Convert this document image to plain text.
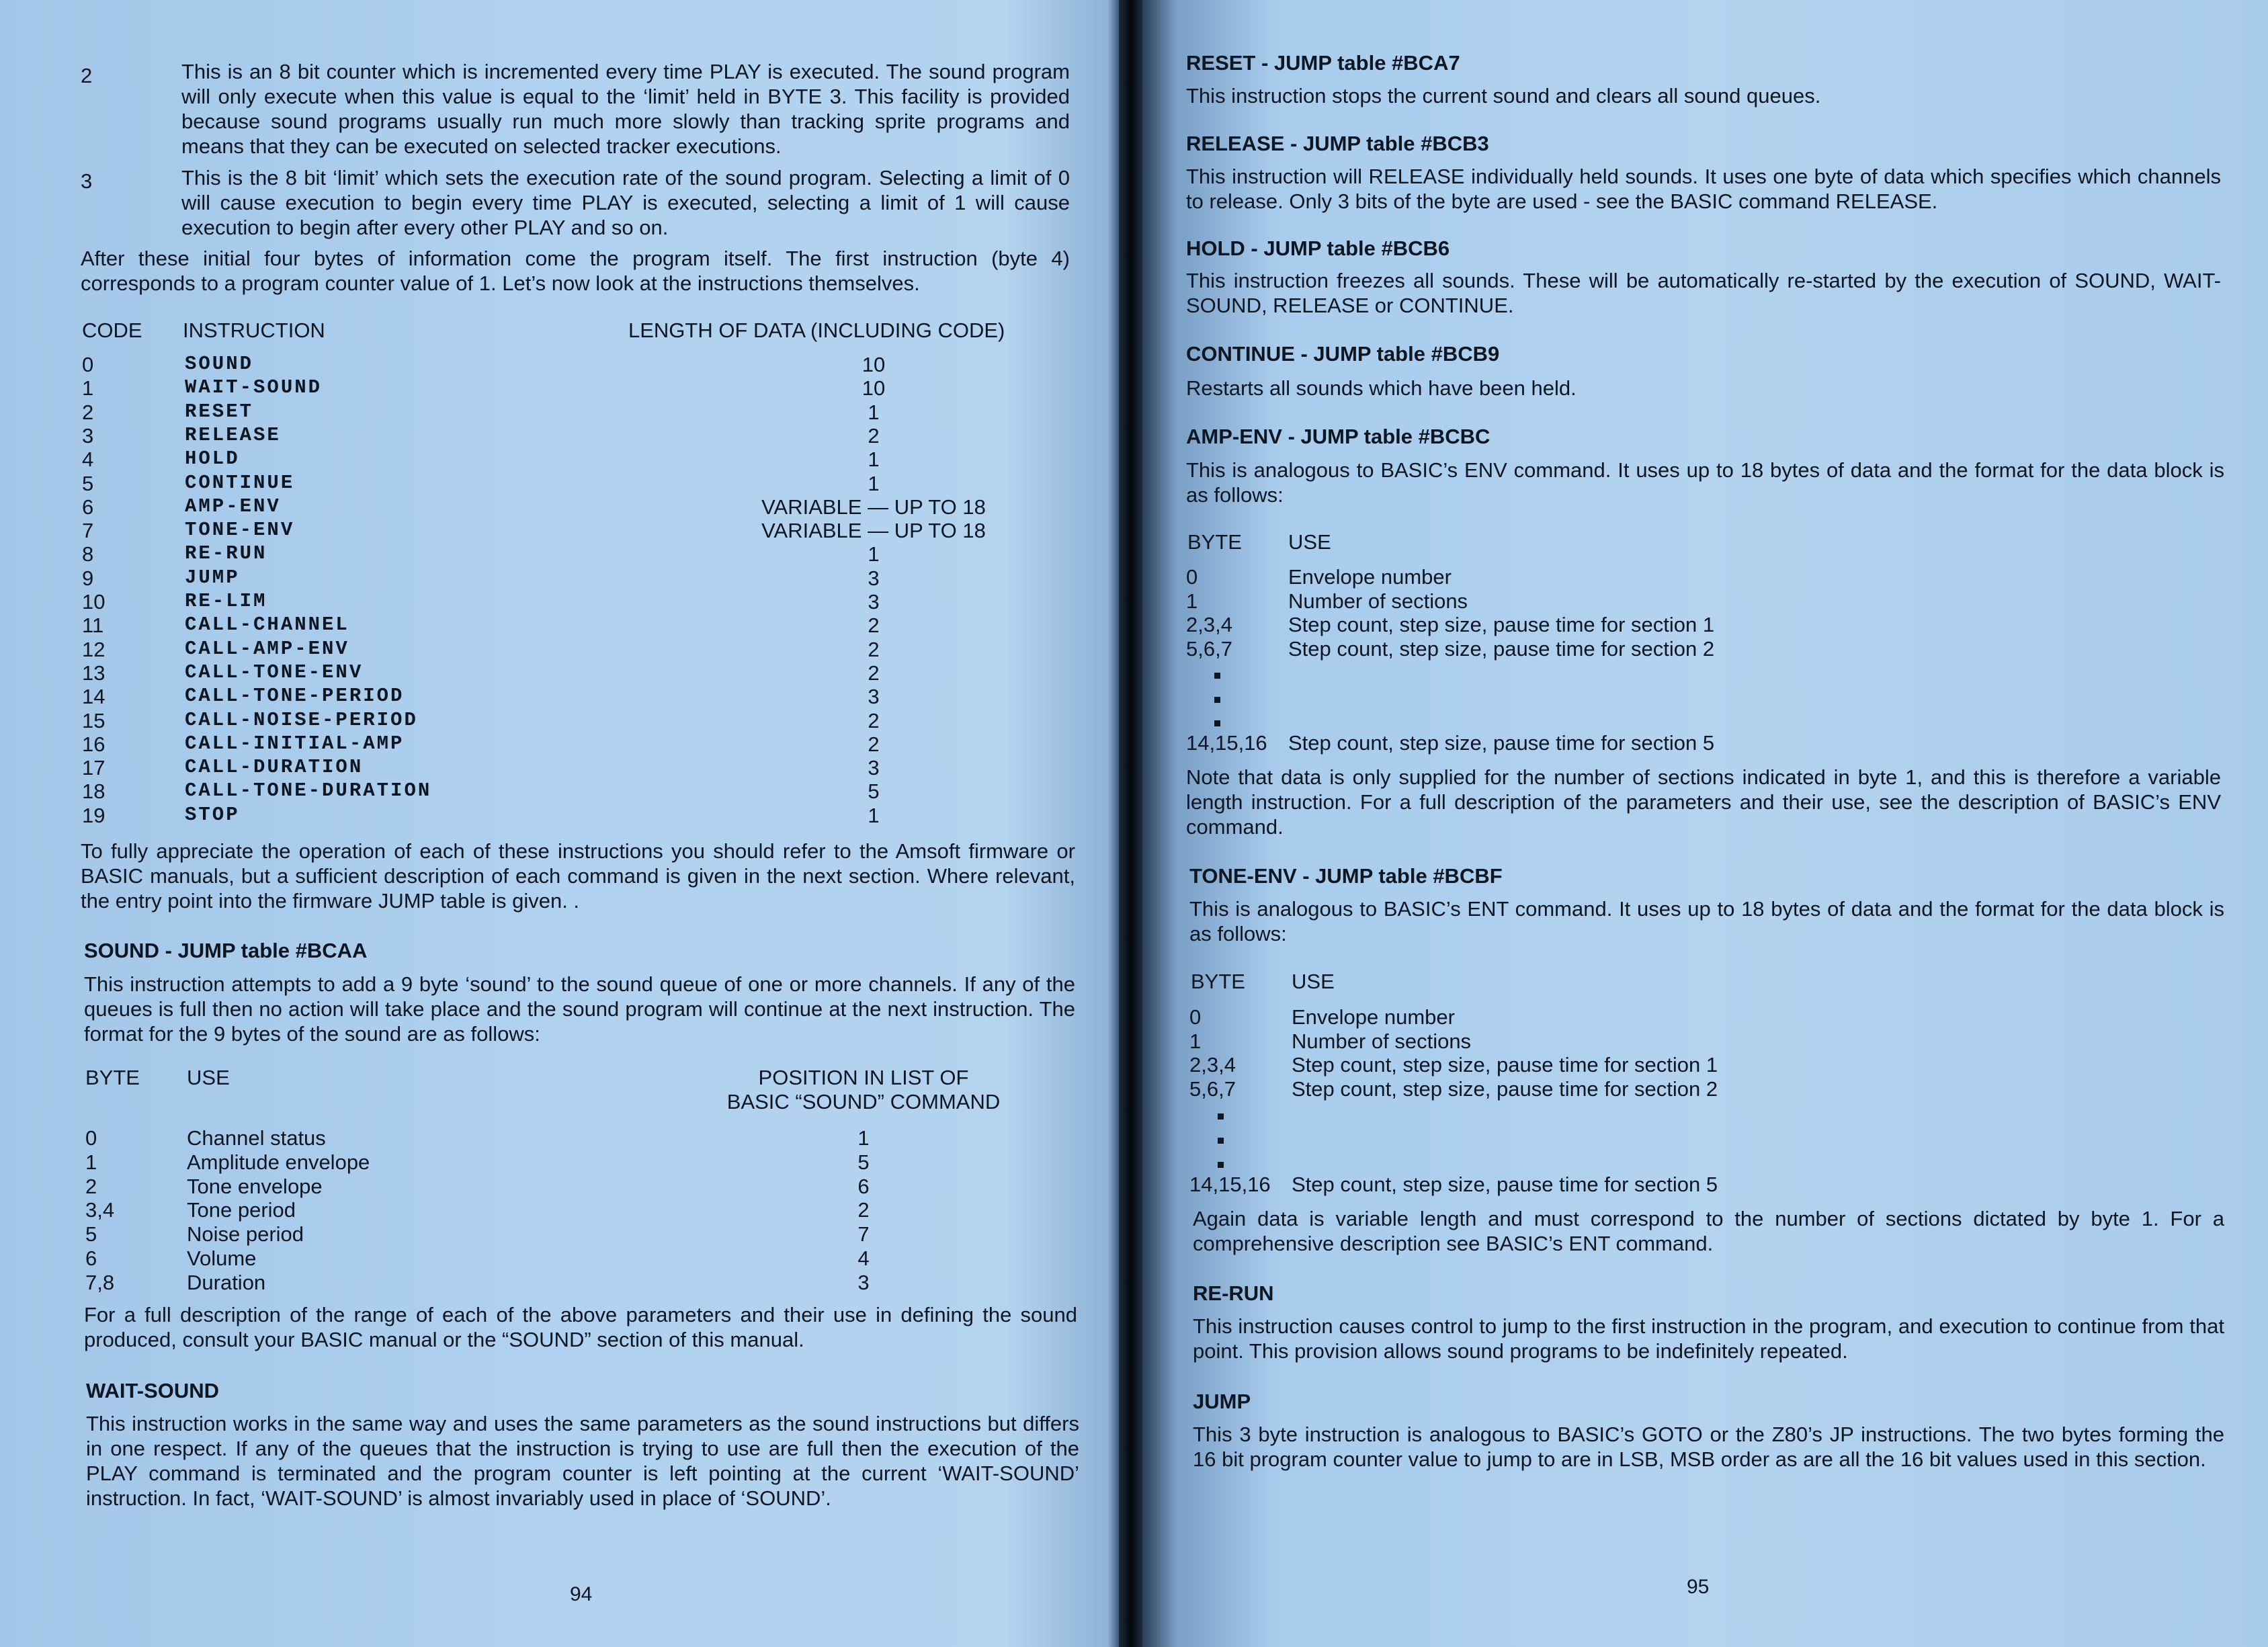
2	This is an 8 bit counter which is incremented every time PLAY is executed. The sound program will only execute when this value is equal to the ‘limit’ held in BYTE 3. This facility is provided because sound programs usually run much more slowly than tracking sprite programs and means that they can be executed on selected tracker executions.
3	This is the 8 bit ‘limit’ which sets the execution rate of the sound program. Selecting a limit of 0 will cause execution to begin every time PLAY is executed, selecting a limit of 1 will cause execution to begin after every other PLAY and so on.
After these initial four bytes of information come the program itself. The first instruction (byte 4) corresponds to a program counter value of 1. Let’s now look at the instructions themselves.
CODE INSTRUCTION	LENGTH OF DATA (INCLUDING CODE)
0	SOUND	10
1	WAIT-SOUND	10
2	RESET	1
3	RELEASE	2
4	HOLD	1
5	CONTINUE	1
6	AMP-ENV	VARIABLE — UP TO 18
7	TONE-ENV	VARIABLE — UP TO 18
8	RE-RUN	1
9	JUMP	3
10	RE-LIM	3
11	CALL-CHANNEL	2
12	CALL-AMP-ENV	2
13	CALL-TONE-ENV	2
14	CALL-TONE-PERIOD	3
15	CALL-NOISE-PERIOD	2
16	CALL-INITIAL-AMP	2
17	CALL-DURATION	3
18	CALL-TONE-DURATION	5
19	STOP	1
To fully appreciate the operation of each of these instructions you should refer to the Amsoft firmware or BASIC manuals, but a sufficient description of each command is given in the next section. Where relevant, the entry point into the firmware JUMP table is given. .
SOUND - JUMP table #BCAA
This instruction attempts to add a 9 byte ‘sound’ to the sound queue of one or more channels. If any of the queues is full then no action will take place and the sound program will continue at the next instruction. The format for the 9 bytes of the sound are as follows:
BYTE USE	POSITION IN LIST OF
BASIC “SOUND” COMMAND
0	Channel status	1
1	Amplitude envelope	5
2	Tone envelope	6
3,4	Tone period	2
5	Noise period	7
6	Volume	4
7,8	Duration	3
For a full description of the range of each of the above parameters and their use in defining the sound produced, consult your BASIC manual or the “SOUND” section of this manual.
WAIT-SOUND
This instruction works in the same way and uses the same parameters as the sound instructions but differs in one respect. If any of the queues that the instruction is trying to use are full then the execution of the PLAY command is terminated and the program counter is left pointing at the current ‘WAIT-SOUND’ instruction. In fact, ‘WAIT-SOUND’ is almost invariably used in place of ‘SOUND’.
94
RESET - JUMP table #BCA7
This instruction stops the current sound and clears all sound queues.
RELEASE - JUMP table #BCB3
This instruction will RELEASE individually held sounds. It uses one byte of data which specifies which channels to release. Only 3 bits of the byte are used - see the BASIC command RELEASE.
HOLD - JUMP table #BCB6
This instruction freezes all sounds. These will be automatically re-started by the execution of SOUND, WAIT-SOUND, RELEASE or CONTINUE.
CONTINUE - JUMP table #BCB9
Restarts all sounds which have been held.
AMP-ENV - JUMP table #BCBC
This is analogous to BASIC’s ENV command. It uses up to 18 bytes of data and the format for the data block is as follows:
BYTE USE
0	Envelope number
1	Number of sections
2,3,4	Step count, step size, pause time for section 1
5,6,7	Step count, step size, pause time for section 2
14,15,16 Step count, step size, pause time for section 5
Note that data is only supplied for the number of sections indicated in byte 1, and this is therefore a variable length instruction. For a full description of the parameters and their use, see the description of BASIC’s ENV command.
TONE-ENV - JUMP table #BCBF
This is analogous to BASIC’s ENT command. It uses up to 18 bytes of data and the format for the data block is as follows:
BYTE USE
0	Envelope number
1	Number of sections
2,3,4	Step count, step size, pause time for section 1
5,6,7	Step count, step size, pause time for section 2
14,15,16 Step count, step size, pause time for section 5
Again data is variable length and must correspond to the number of sections dictated by byte 1. For a comprehensive description see BASIC’s ENT command.
RE-RUN
This instruction causes control to jump to the first instruction in the program, and execution to continue from that point. This provision allows sound programs to be indefinitely repeated.
JUMP
This 3 byte instruction is analogous to BASIC’s GOTO or the Z80’s JP instructions. The two bytes forming the 16 bit program counter value to jump to are in LSB, MSB order as are all the 16 bit values used in this section.
95
